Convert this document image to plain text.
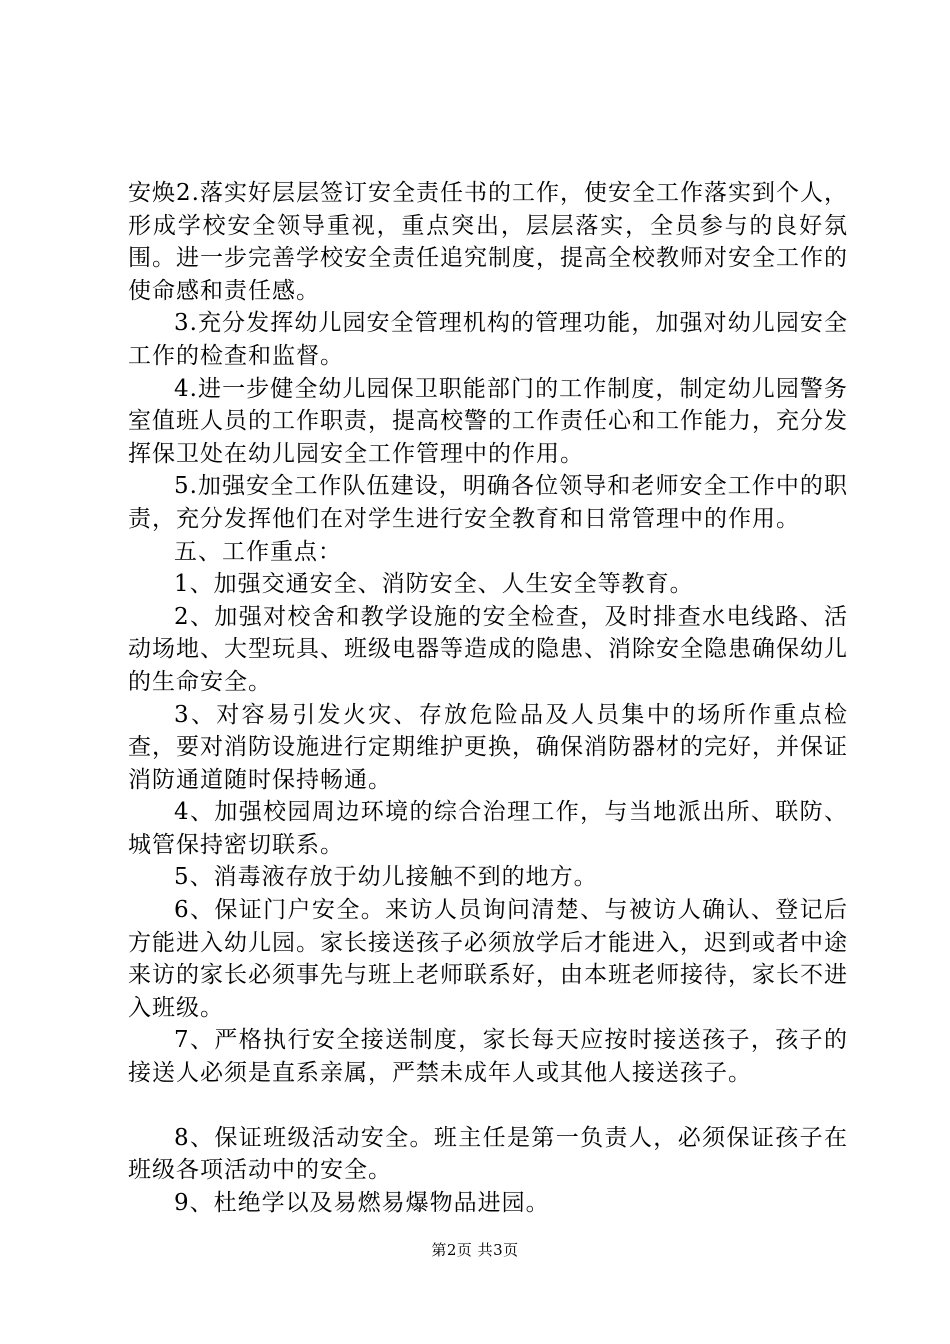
安焕2.落实好层层签订安全责任书的工作，使安全工作落实到个人，形成学校安全领导重视，重点突出，层层落实，全员参与的良好氛围。进一步完善学校安全责任追究制度，提高全校教师对安全工作的使命感和责任感。

3.充分发挥幼儿园安全管理机构的管理功能，加强对幼儿园安全工作的检查和监督。

4.进一步健全幼儿园保卫职能部门的工作制度，制定幼儿园警务室值班人员的工作职责，提高校警的工作责任心和工作能力，充分发挥保卫处在幼儿园安全工作管理中的作用。

5.加强安全工作队伍建设，明确各位领导和老师安全工作中的职责，充分发挥他们在对学生进行安全教育和日常管理中的作用。

五、工作重点：

1、加强交通安全、消防安全、人生安全等教育。

2、加强对校舍和教学设施的安全检查，及时排查水电线路、活动场地、大型玩具、班级电器等造成的隐患、消除安全隐患确保幼儿的生命安全。

3、对容易引发火灾、存放危险品及人员集中的场所作重点检查，要对消防设施进行定期维护更换，确保消防器材的完好，并保证消防通道随时保持畅通。

4、加强校园周边环境的综合治理工作，与当地派出所、联防、城管保持密切联系。

5、消毒液存放于幼儿接触不到的地方。

6、保证门户安全。来访人员询问清楚、与被访人确认、登记后方能进入幼儿园。家长接送孩子必须放学后才能进入，迟到或者中途来访的家长必须事先与班上老师联系好，由本班老师接待，家长不进入班级。

7、严格执行安全接送制度，家长每天应按时接送孩子，孩子的接送人必须是直系亲属，严禁未成年人或其他人接送孩子。

8、保证班级活动安全。班主任是第一负责人，必须保证孩子在班级各项活动中的安全。

9、杜绝学以及易燃易爆物品进园。

第2页 共3页
